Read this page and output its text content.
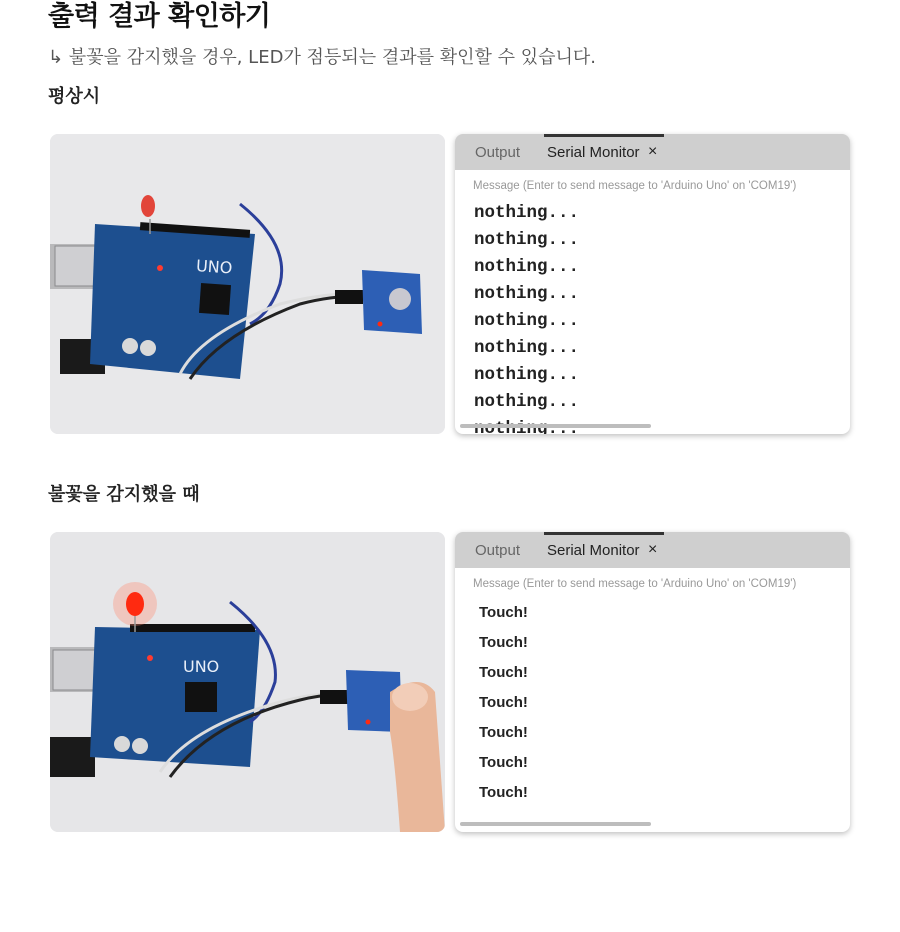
출력 결과 확인하기
↳ 불꽃을 감지했을 경우, LED가 점등되는 결과를 확인할 수 있습니다.
평상시
UNO
Output Serial Monitor ×
Message (Enter to send message to 'Arduino Uno' on 'COM19')
nothing...
nothing...
nothing...
nothing...
nothing...
nothing...
nothing...
nothing...
불꽃을 감지했을 때
UNO
Output Serial Monitor ×
Message (Enter to send message to 'Arduino Uno' on 'COM19')
Touch!
Touch!
Touch!
Touch!
Touch!
Touch!
Touch!
